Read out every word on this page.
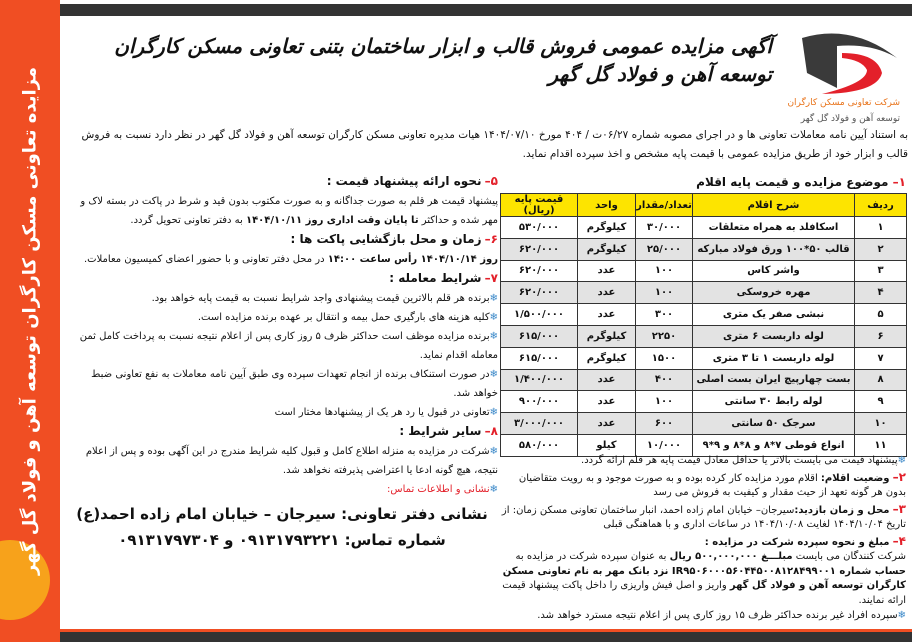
مزایده تعاونی مسکن کارگران توسعه آهن و فولاد گل گهر	شرکت تعاونی مسکن کارگران
توسعه آهن و فولاد گل گهر
آگهی مزایده عمومی فروش قالب و ابزار ساختمان بتنی تعاونی مسکن کارگران توسعه آهن و فولاد گل گهر
به استناد آیین نامه معاملات تعاونی ها و در اجرای مصوبه شماره ۰۶/۲۷ت / ۴۰۴ مورخ ۱۴۰۴/۰۷/۱۰ هیات مدیره تعاونی مسکن کارگران توسعه آهن و فولاد گل گهر در نظر دارد نسبت به فروش قالب و ابزار خود از طریق مزایده عمومی با قیمت پایه مشخص و اخذ سپرده اقدام نماید.
۱– موضوع مزایده و قیمت پایه اقلام
ردیف	شرح اقلام	تعداد/مقدار	واحد	قیمت پایه (ریال)
۱	اسکافلد به همراه متعلقات	۳۰/۰۰۰	کیلوگرم	۵۳۰/۰۰۰
۲	قالب ۵۰*۱۰۰ ورق فولاد مبارکه	۲۵/۰۰۰	کیلوگرم	۶۲۰/۰۰۰
۳	واشر کاس	۱۰۰	عدد	۶۲۰/۰۰۰
۴	مهره خروسکی	۱۰۰	عدد	۶۲۰/۰۰۰
۵	نبشی صفر یک متری	۳۰۰	عدد	۱/۵۰۰/۰۰۰
۶	لوله داربست ۶ متری	۲۲۵۰	کیلوگرم	۶۱۵/۰۰۰
۷	لوله داربست ۱ تا ۳ متری	۱۵۰۰	کیلوگرم	۶۱۵/۰۰۰
۸	بست چهارپیچ ایران بست اصلی	۴۰۰	عدد	۱/۴۰۰/۰۰۰
۹	لوله رابط ۳۰ سانتی	۱۰۰	عدد	۹۰۰/۰۰۰
۱۰	سرجک ۵۰ سانتی	۶۰۰	عدد	۳/۰۰۰/۰۰۰
۱۱	انواع قوطی ۷*۸ و ۸*۸ و ۹*۹	۱۰/۰۰۰	کیلو	۵۸۰/۰۰۰
❄پیشنهاد قیمت می بایست بالاتر یا حداقل معادل قیمت پایه هر قلم ارائه گردد.
۲– وضعیت اقلام: اقلام مورد مزایده کار کرده بوده و به صورت موجود و به رویت متقاضیان بدون هر گونه تعهد از حیث مقدار و کیفیت به فروش می رسد
۳– محل و زمان بازدید:سیرجان– خیابان امام زاده احمد، انبار ساختمان تعاونی مسکن زمان: از تاریخ ۱۴۰۴/۱۰/۰۴ لغایت ۱۴۰۴/۱۰/۰۸ در ساعات اداری و با هماهنگی قبلی
۴– مبلغ و نحوه سپرده شرکت در مزایده :
شرکت کنندگان می بایست مبلـــغ ۵۰۰,۰۰۰,۰۰۰ ریال به عنوان سپرده شرکت در مزایده به حساب شماره IR۹۵۰۶۰۰۰۵۶۰۴۴۵۰۰۸۱۲۸۴۹۹۰۰۱ نزد بانک مهر به نام تعاونی مسکن کارگران توسعه آهن و فولاد گل گهر واریز و اصل فیش واریزی را داخل پاکت پیشنهاد قیمت ارائه نمایند.
❄سپرده افراد غیر برنده حداکثر ظرف ۱۵ روز کاری پس از اعلام نتیجه مسترد خواهد شد.
۵– نحوه ارائه پیشنهاد قیمت :
پیشنهاد قیمت هر قلم به صورت جداگانه و به صورت مکتوب بدون قید و شرط در پاکت در بسته لاک و مهر شده و حداکثر تا پایان وقت اداری روز ۱۴۰۴/۱۰/۱۱ به دفتر تعاونی تحویل گردد.
۶– زمان و محل بازگشایی پاکت ها :
روز ۱۴۰۴/۱۰/۱۴ رأس ساعت ۱۴:۰۰ در محل دفتر تعاونی و با حضور اعضای کمیسیون معاملات.
۷– شرایط معامله :
❄برنده هر قلم بالاترین قیمت پیشنهادی واجد شرایط نسبت به قیمت پایه خواهد بود.
❄کلیه هزینه های بارگیری حمل بیمه و انتقال بر عهده برنده مزایده است.
❄برنده مزایده موظف است حداکثر ظرف ۵ روز کاری پس از اعلام نتیجه نسبت به پرداخت کامل ثمن معامله اقدام نماید.
❄در صورت استنکاف برنده از انجام تعهدات سپرده وی طبق آیین نامه معاملات به نفع تعاونی ضبط خواهد شد.
❄تعاونی در قبول یا رد هر یک از پیشنهادها مختار است
۸– سایر شرایط :
❄شرکت در مزایده به منزله اطلاع کامل و قبول کلیه شرایط مندرج در این آگهی بوده و پس از اعلام نتیجه، هیچ گونه ادعا یا اعتراضی پذیرفته نخواهد شد.
❄نشانی و اطلاعات تماس:
نشانی دفتر تعاونی: سیرجان – خیابان امام زاده احمد(ع)
شماره تماس: ۰۹۱۳۱۷۹۳۲۲۱ و ۰۹۱۳۱۷۹۷۳۰۴
